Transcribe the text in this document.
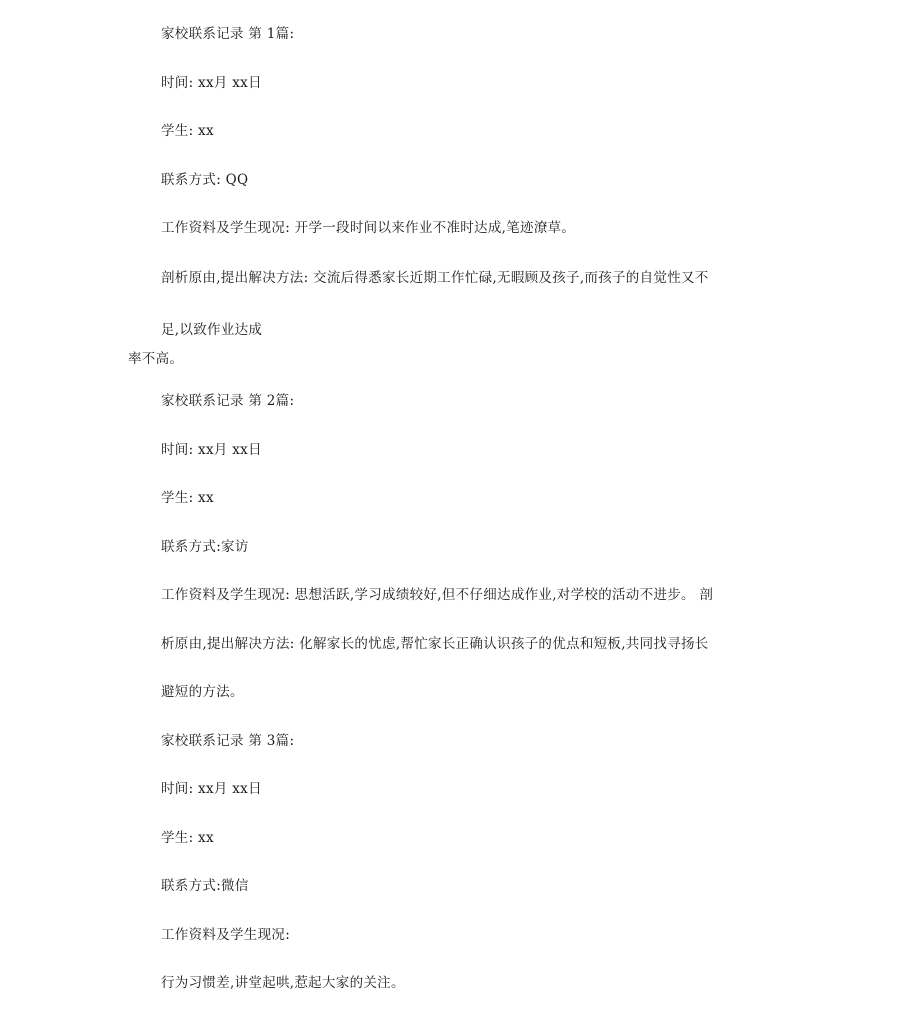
家校联系记录 第 1篇:
时间: xx月 xx日
学生: xx
联系方式: QQ
工作资料及学生现况: 开学一段时间以来作业不准时达成,笔迹潦草。
剖析原由,提出解决方法: 交流后得悉家长近期工作忙碌,无暇顾及孩子,而孩子的自觉性又不
足,以致作业达成
率不高。
家校联系记录 第 2篇:
时间: xx月 xx日
学生: xx
联系方式:家访
工作资料及学生现况: 思想活跃,学习成绩较好,但不仔细达成作业,对学校的活动不进步。 剖
析原由,提出解决方法: 化解家长的忧虑,帮忙家长正确认识孩子的优点和短板,共同找寻扬长
避短的方法。
家校联系记录 第 3篇:
时间: xx月 xx日
学生: xx
联系方式:微信
工作资料及学生现况:
行为习惯差,讲堂起哄,惹起大家的关注。
